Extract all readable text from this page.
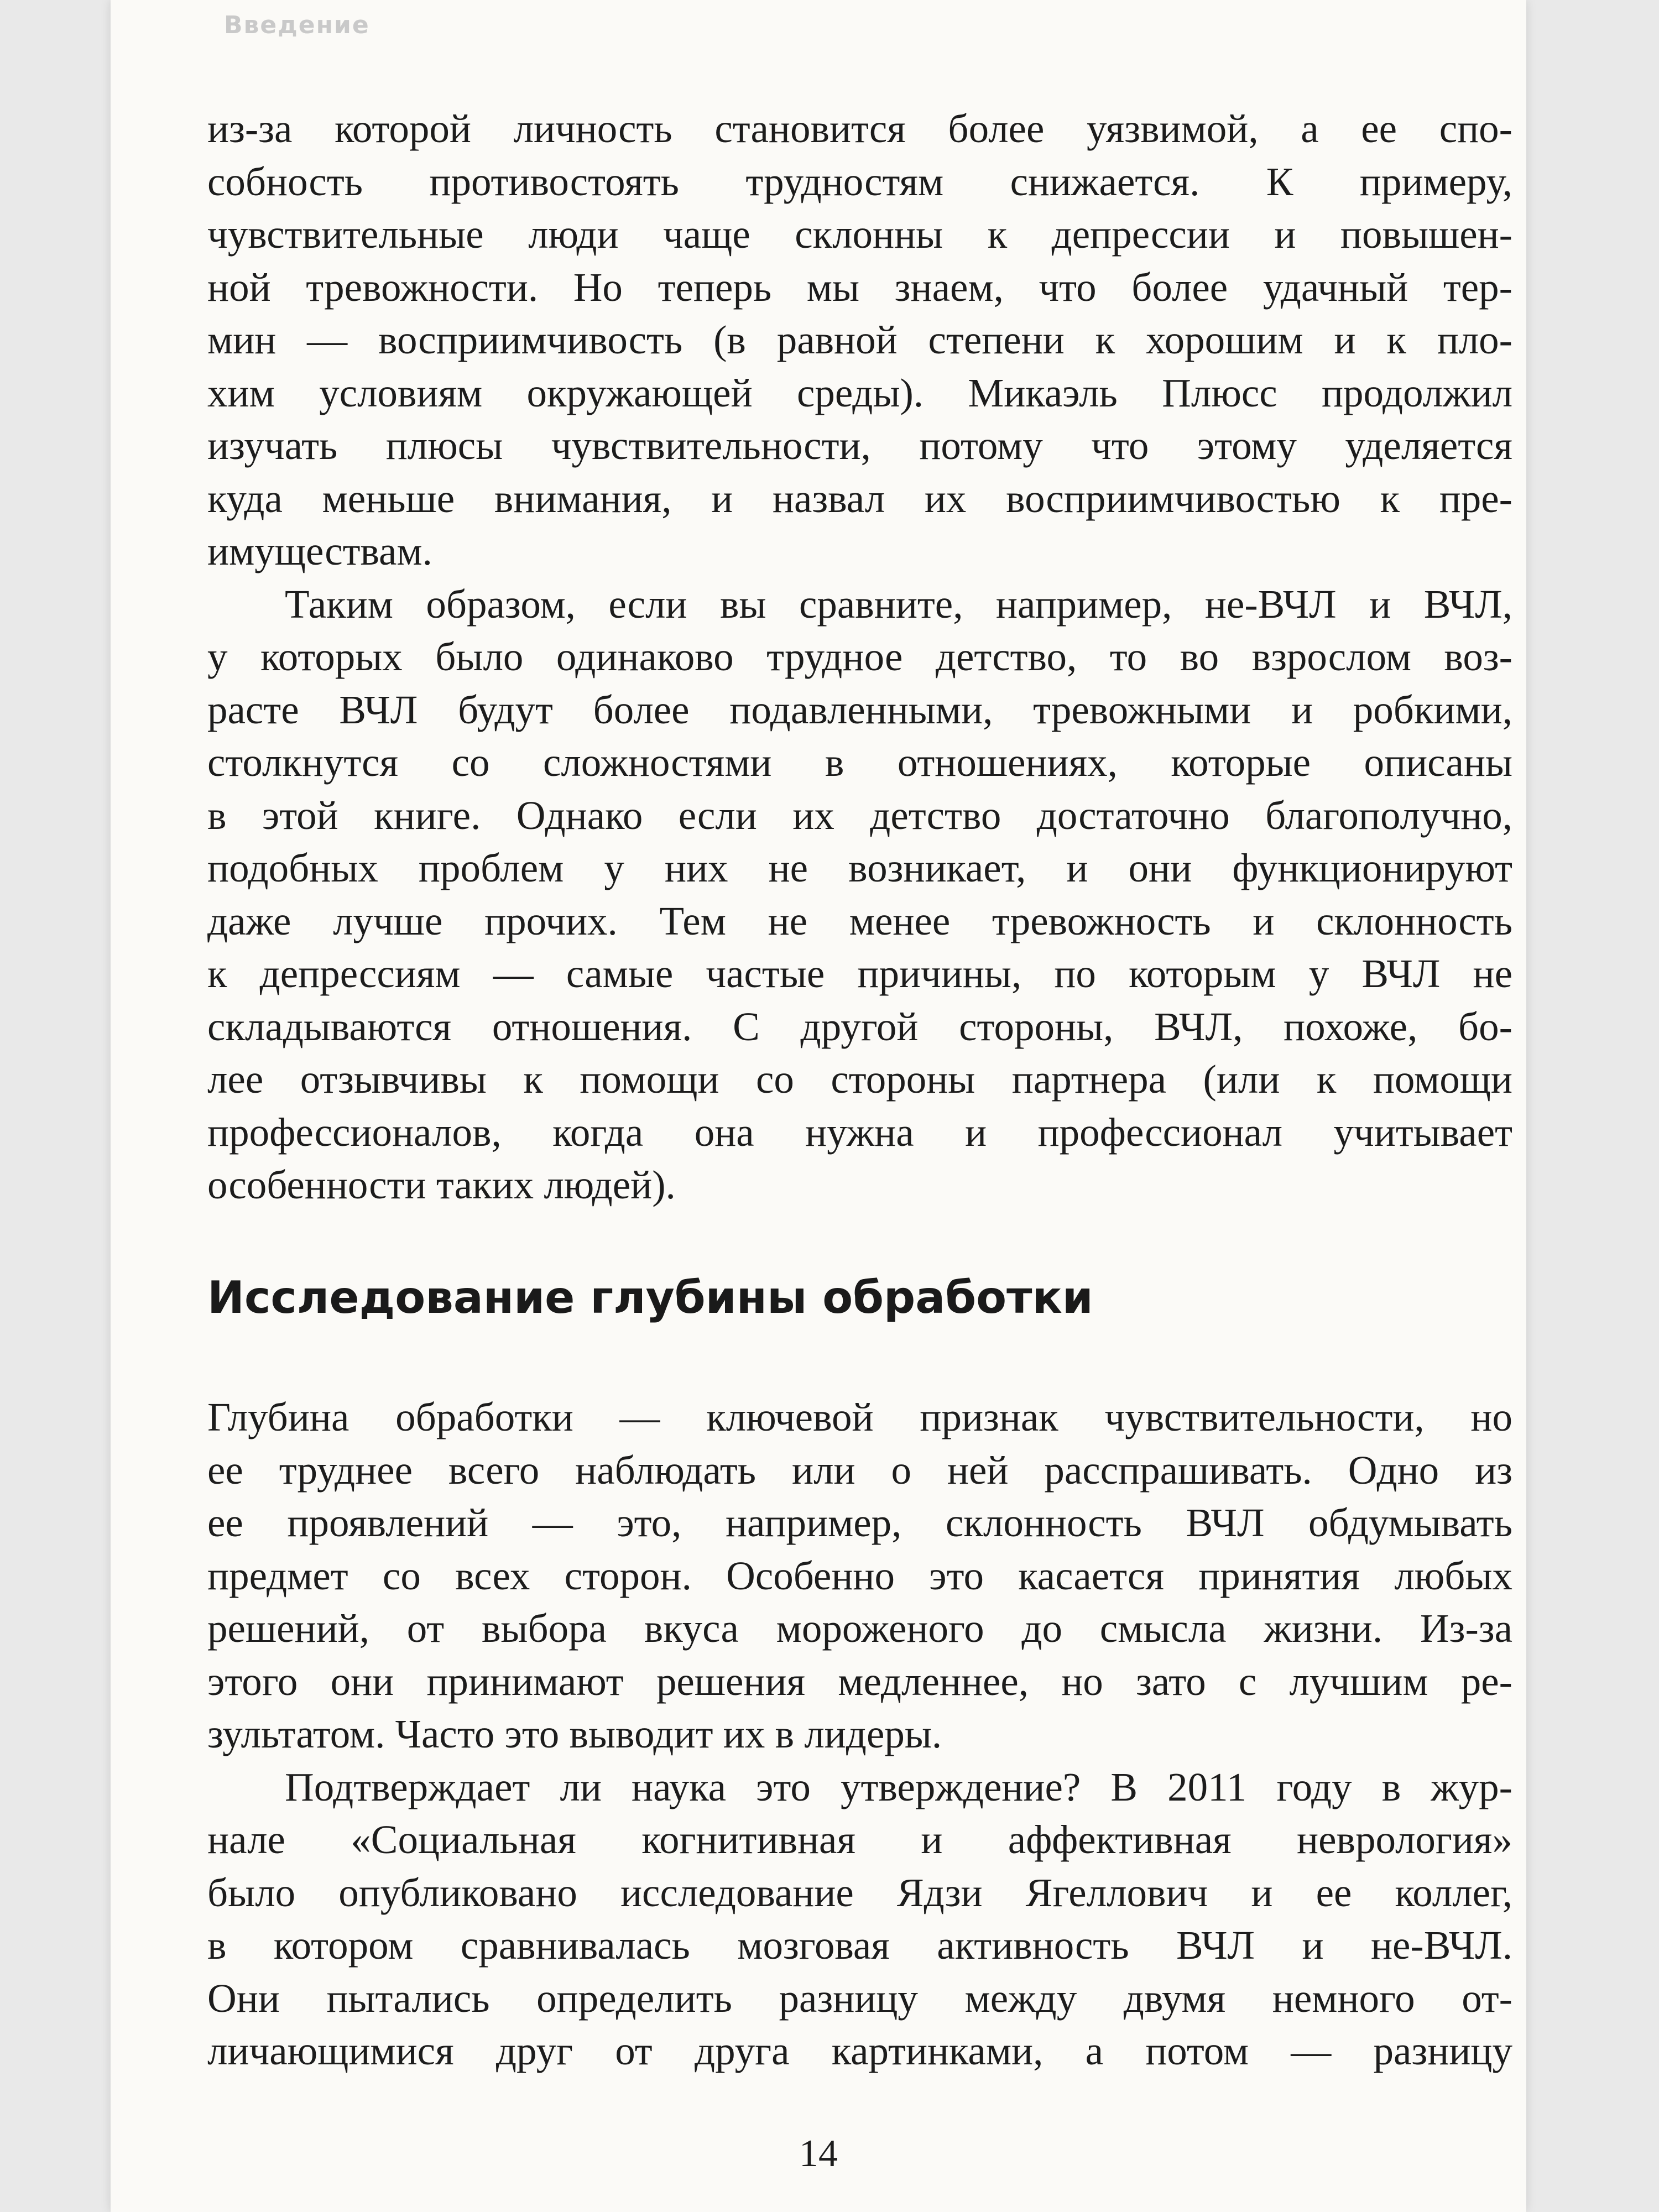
Введение
из-за которой личность становится более уязвимой, а ее спо-
собность противостоять трудностям снижается. К примеру,
чувствительные люди чаще склонны к депрессии и повышен-
ной тревожности. Но теперь мы знаем, что более удачный тер-
мин — восприимчивость (в равной степени к хорошим и к пло-
хим условиям окружающей среды). Микаэль Плюсс продолжил
изучать плюсы чувствительности, потому что этому уделяется
куда меньше внимания, и назвал их восприимчивостью к пре-
имуществам.
Таким образом, если вы сравните, например, не-ВЧЛ и ВЧЛ,
у которых было одинаково трудное детство, то во взрослом воз-
расте ВЧЛ будут более подавленными, тревожными и робкими,
столкнутся со сложностями в отношениях, которые описаны
в этой книге. Однако если их детство достаточно благополучно,
подобных проблем у них не возникает, и они функционируют
даже лучше прочих. Тем не менее тревожность и склонность
к депрессиям — самые частые причины, по которым у ВЧЛ не
складываются отношения. С другой стороны, ВЧЛ, похоже, бо-
лее отзывчивы к помощи со стороны партнера (или к помощи
профессионалов, когда она нужна и профессионал учитывает
особенности таких людей).
Исследование глубины обработки
Глубина обработки — ключевой признак чувствительности, но
ее труднее всего наблюдать или о ней расспрашивать. Одно из
ее проявлений — это, например, склонность ВЧЛ обдумывать
предмет со всех сторон. Особенно это касается принятия любых
решений, от выбора вкуса мороженого до смысла жизни. Из-за
этого они принимают решения медленнее, но зато с лучшим ре-
зультатом. Часто это выводит их в лидеры.
Подтверждает ли наука это утверждение? В 2011 году в жур-
нале «Социальная когнитивная и аффективная неврология»
было опубликовано исследование Ядзи Ягеллович и ее коллег,
в котором сравнивалась мозговая активность ВЧЛ и не-ВЧЛ.
Они пытались определить разницу между двумя немного от-
личающимися друг от друга картинками, а потом — разницу
14
